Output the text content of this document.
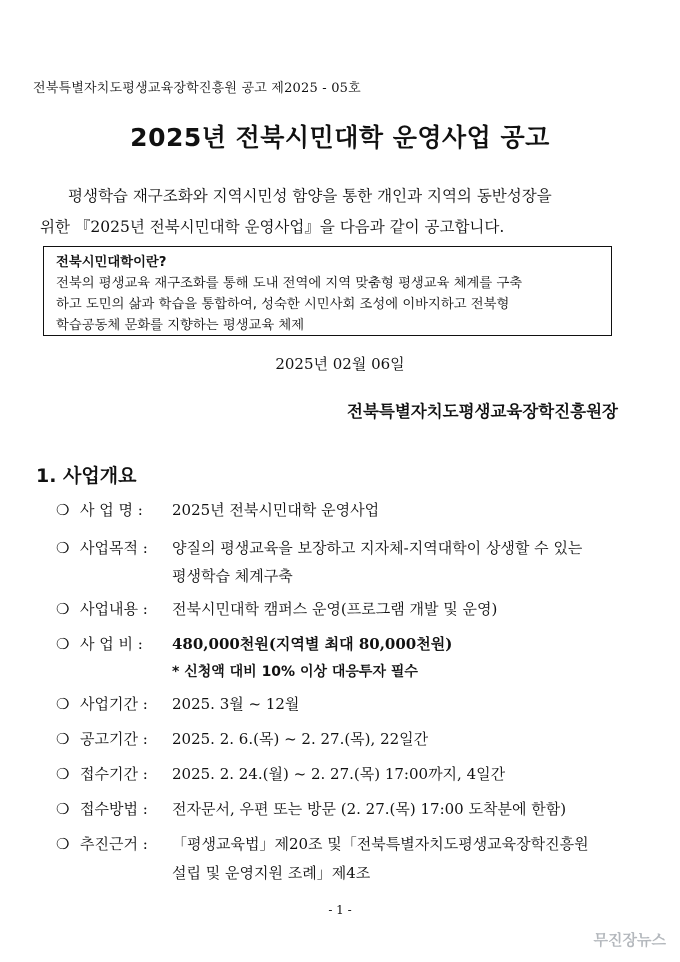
전북특별자치도평생교육장학진흥원 공고 제2025 - 05호
2025년 전북시민대학 운영사업 공고
평생학습 재구조화와 지역시민성 함양을 통한 개인과 지역의 동반성장을
위한 『2025년 전북시민대학 운영사업』을 다음과 같이 공고합니다.
전북시민대학이란?
전북의 평생교육 재구조화를 통해 도내 전역에 지역 맞춤형 평생교육 체계를 구축
하고 도민의 삶과 학습을 통합하여, 성숙한 시민사회 조성에 이바지하고 전북형
학습공동체 문화를 지향하는 평생교육 체제
2025년 02월 06일
전북특별자치도평생교육장학진흥원장
1. 사업개요
❍ 사 업 명 : 2025년 전북시민대학 운영사업
❍ 사업목적 : 양질의 평생교육을 보장하고 지자체-지역대학이 상생할 수 있는
평생학습 체계구축
❍ 사업내용 : 전북시민대학 캠퍼스 운영(프로그램 개발 및 운영)
❍ 사 업 비 : 480,000천원(지역별 최대 80,000천원)
* 신청액 대비 10% 이상 대응투자 필수
❍ 사업기간 : 2025. 3월 ~ 12월
❍ 공고기간 : 2025. 2. 6.(목) ~ 2. 27.(목), 22일간
❍ 접수기간 : 2025. 2. 24.(월) ~ 2. 27.(목) 17:00까지, 4일간
❍ 접수방법 : 전자문서, 우편 또는 방문 (2. 27.(목) 17:00 도착분에 한함)
❍ 추진근거 : 「평생교육법」제20조 및「전북특별자치도평생교육장학진흥원
설립 및 운영지원 조례」제4조
- 1 -
무진장뉴스
